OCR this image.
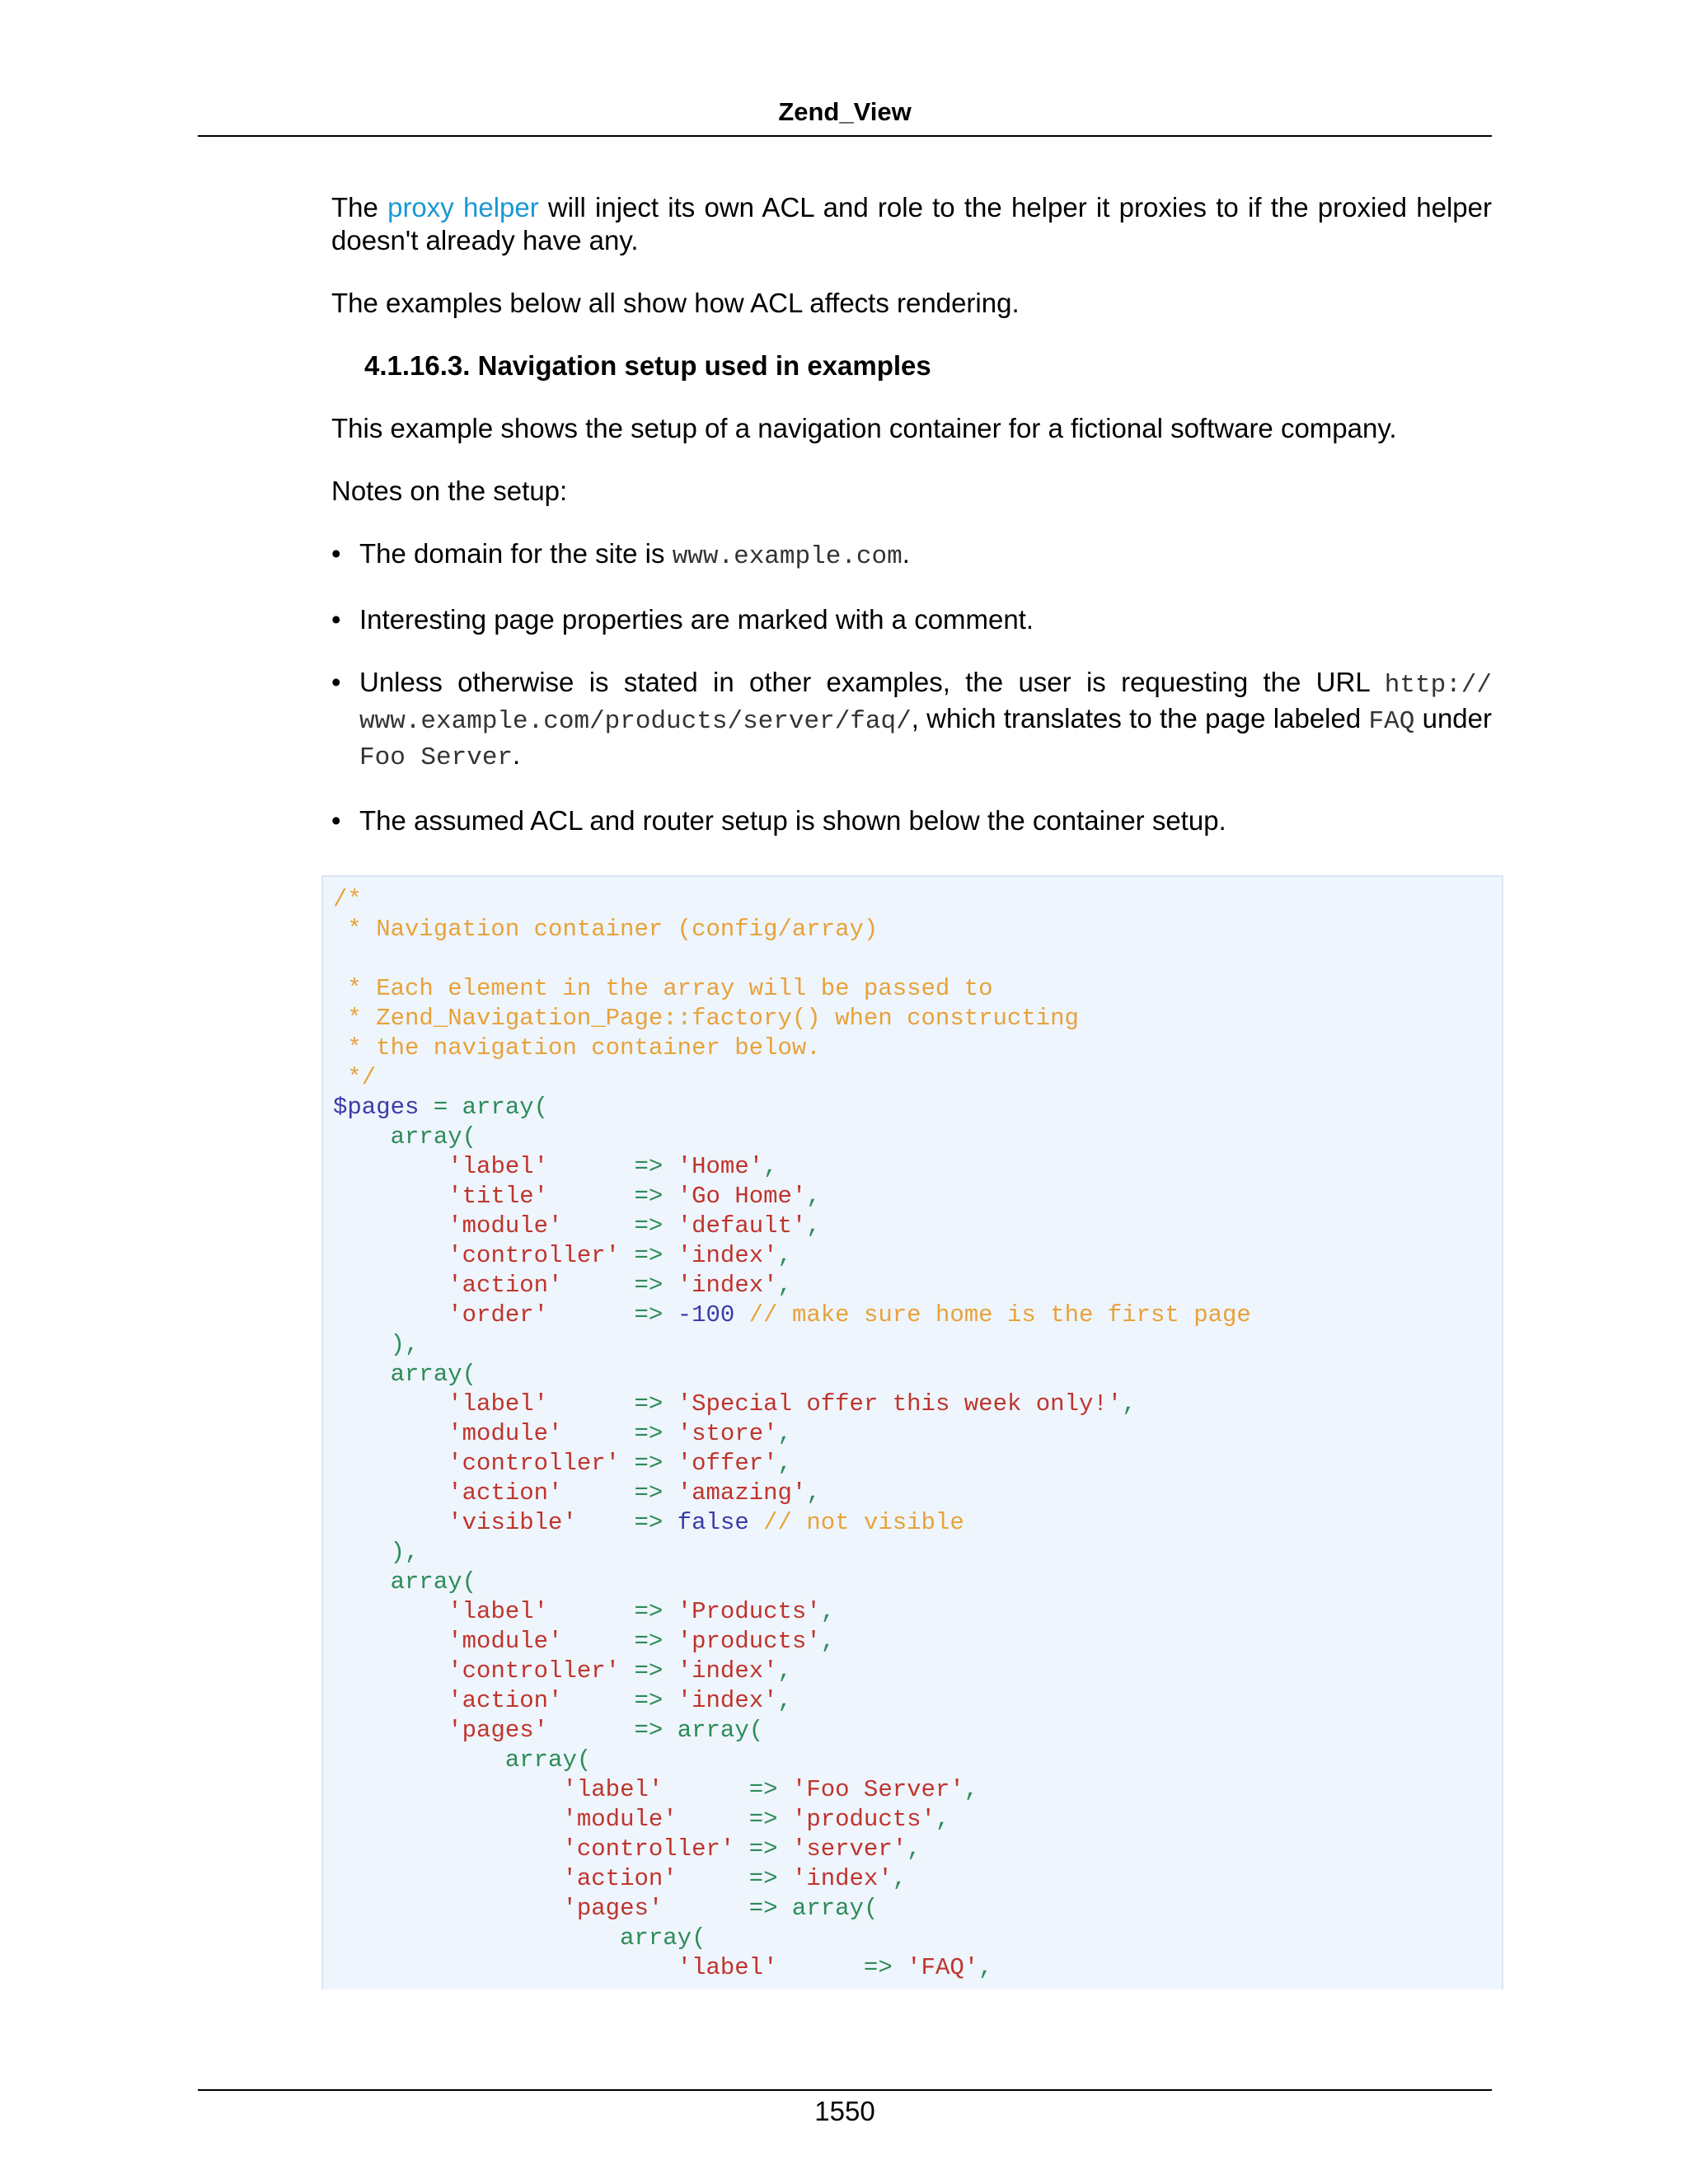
Zend_View

The proxy helper will inject its own ACL and role to the helper it proxies to if the proxied helper doesn't already have any.

The examples below all show how ACL affects rendering.

4.1.16.3. Navigation setup used in examples

This example shows the setup of a navigation container for a fictional software company.

Notes on the setup:

• The domain for the site is www.example.com.
• Interesting page properties are marked with a comment.
• Unless otherwise is stated in other examples, the user is requesting the URL http:// www.example.com/products/server/faq/, which translates to the page labeled FAQ under Foo Server.
• The assumed ACL and router setup is shown below the container setup.
/*
* Navigation container (config/array)
* Each element in the array will be passed to
* Zend_Navigation_Page::factory() when constructing
* the navigation container below.
*/
$pages = array(
array(
'label'      => 'Home',
'title'      => 'Go Home',
'module'     => 'default',
'controller' => 'index',
'action'     => 'index',
'order'      => -100 // make sure home is the first page
),
array(
'label'      => 'Special offer this week only!',
'module'     => 'store',
'controller' => 'offer',
'action'     => 'amazing',
'visible'    => false // not visible
),
array(
'label'      => 'Products',
'module'     => 'products',
'controller' => 'index',
'action'     => 'index',
'pages'      => array(
array(
'label'      => 'Foo Server',
'module'     => 'products',
'controller' => 'server',
'action'     => 'index',
'pages'      => array(
array(
'label'      => 'FAQ',
1550
